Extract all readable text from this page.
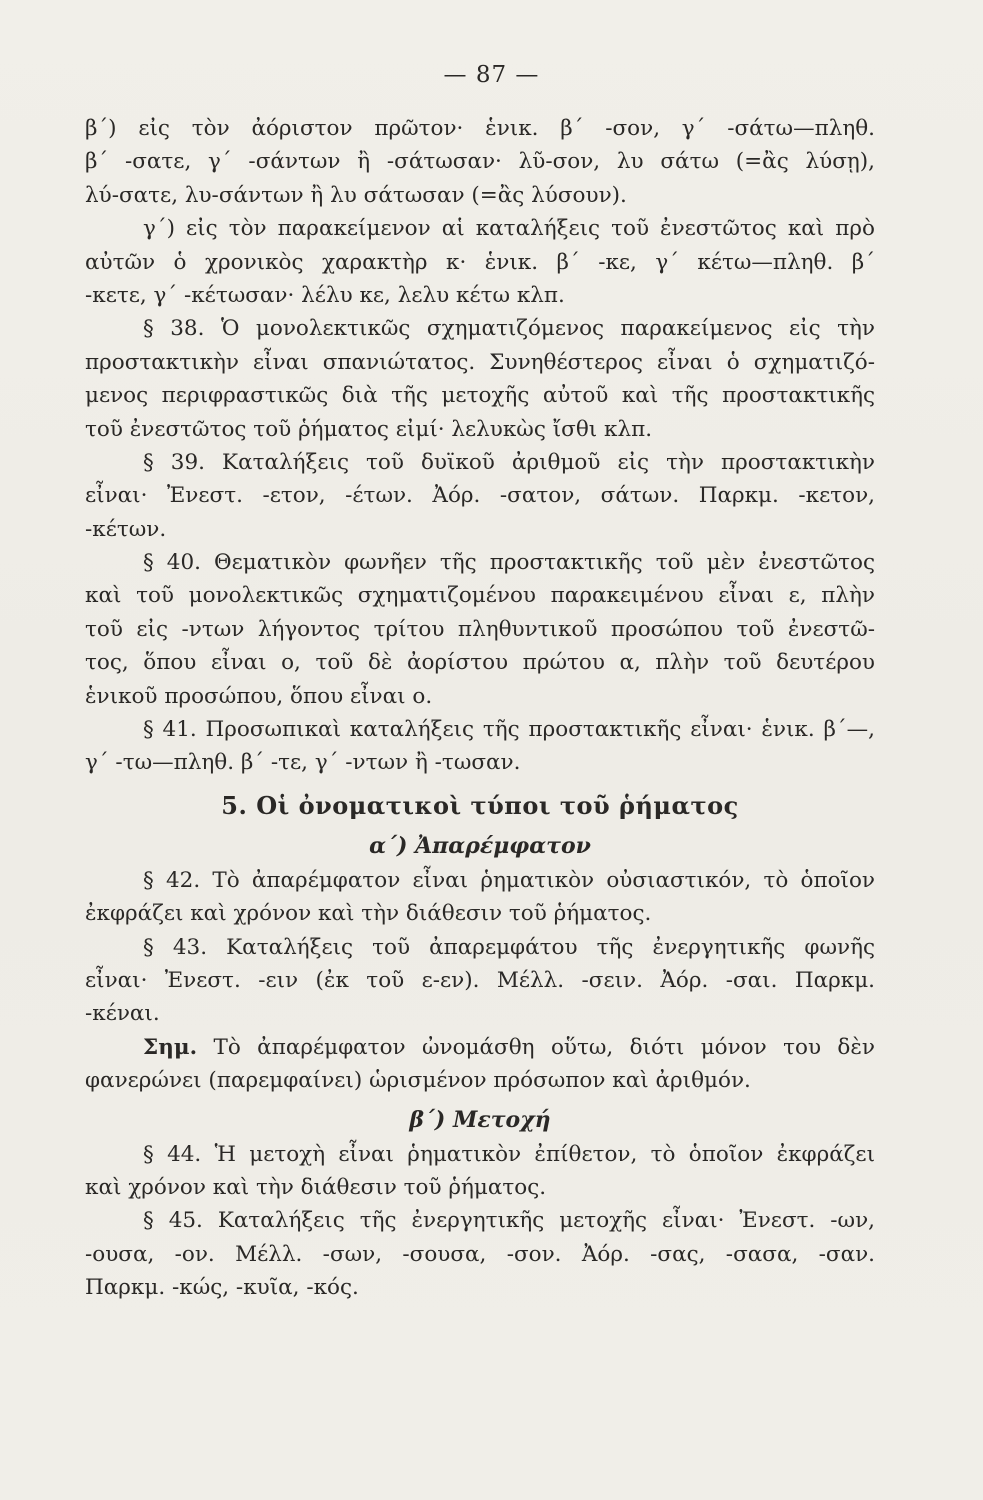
— 87 —
β΄) εἰς τὸν ἀόριστον πρῶτον· ἑνικ. β΄ -σον, γ΄ -σάτω—πληθ.
β΄ -σατε, γ΄ -σάντων ἢ -σάτωσαν· λῦ-σον, λυ σάτω (=ἂς λύσῃ),
λύ-σατε, λυ-σάντων ἢ λυ σάτωσαν (=ἂς λύσουν).
γ΄) εἰς τὸν παρακείμενον αἱ καταλήξεις τοῦ ἐνεστῶτος καὶ πρὸ
αὐτῶν ὁ χρονικὸς χαρακτὴρ κ· ἑνικ. β΄ -κε, γ΄ κέτω—πληθ. β΄
-κετε, γ΄ -κέτωσαν· λέλυ κε, λελυ κέτω κλπ.
§ 38. Ὁ μονολεκτικῶς σχηματιζόμενος παρακείμενος εἰς τὴν
προστακτικὴν εἶναι σπανιώτατος. Συνηθέστερος εἶναι ὁ σχηματιζό-
μενος περιφραστικῶς διὰ τῆς μετοχῆς αὐτοῦ καὶ τῆς προστακτικῆς
τοῦ ἐνεστῶτος τοῦ ῥήματος εἰμί· λελυκὼς ἴσθι κλπ.
§ 39. Καταλήξεις τοῦ δυϊκοῦ ἀριθμοῦ εἰς τὴν προστακτικὴν
εἶναι· Ἐνεστ. -ετον, -έτων. Ἀόρ. -σατον, σάτων. Παρκμ. -κετον,
-κέτων.
§ 40. Θεματικὸν φωνῆεν τῆς προστακτικῆς τοῦ μὲν ἐνεστῶτος
καὶ τοῦ μονολεκτικῶς σχηματιζομένου παρακειμένου εἶναι ε, πλὴν
τοῦ εἰς -ντων λήγοντος τρίτου πληθυντικοῦ προσώπου τοῦ ἐνεστῶ-
τος, ὅπου εἶναι ο, τοῦ δὲ ἀορίστου πρώτου α, πλὴν τοῦ δευτέρου
ἑνικοῦ προσώπου, ὅπου εἶναι ο.
§ 41. Προσωπικαὶ καταλήξεις τῆς προστακτικῆς εἶναι· ἑνικ. β΄—,
γ΄ -τω—πληθ. β΄ -τε, γ΄ -ντων ἢ -τωσαν.
5. Οἱ ὀνοματικοὶ τύποι τοῦ ῥήματος
α΄) Ἀπαρέμφατον
§ 42. Τὸ ἀπαρέμφατον εἶναι ῥηματικὸν οὐσιαστικόν, τὸ ὁποῖον
ἐκφράζει καὶ χρόνον καὶ τὴν διάθεσιν τοῦ ῥήματος.
§ 43. Καταλήξεις τοῦ ἀπαρεμφάτου τῆς ἐνεργητικῆς φωνῆς
εἶναι· Ἐνεστ. -ειν (ἐκ τοῦ ε-εν). Μέλλ. -σειν. Ἀόρ. -σαι. Παρκμ.
-κέναι.
Σημ. Τὸ ἀπαρέμφατον ὠνομάσθη οὕτω, διότι μόνον του δὲν
φανερώνει (παρεμφαίνει) ὡρισμένον πρόσωπον καὶ ἀριθμόν.
β΄) Μετοχή
§ 44. Ἡ μετοχὴ εἶναι ῥηματικὸν ἐπίθετον, τὸ ὁποῖον ἐκφράζει
καὶ χρόνον καὶ τὴν διάθεσιν τοῦ ῥήματος.
§ 45. Καταλήξεις τῆς ἐνεργητικῆς μετοχῆς εἶναι· Ἐνεστ. -ων,
-ουσα, -ον. Μέλλ. -σων, -σουσα, -σον. Ἀόρ. -σας, -σασα, -σαν.
Παρκμ. -κώς, -κυῖα, -κός.
